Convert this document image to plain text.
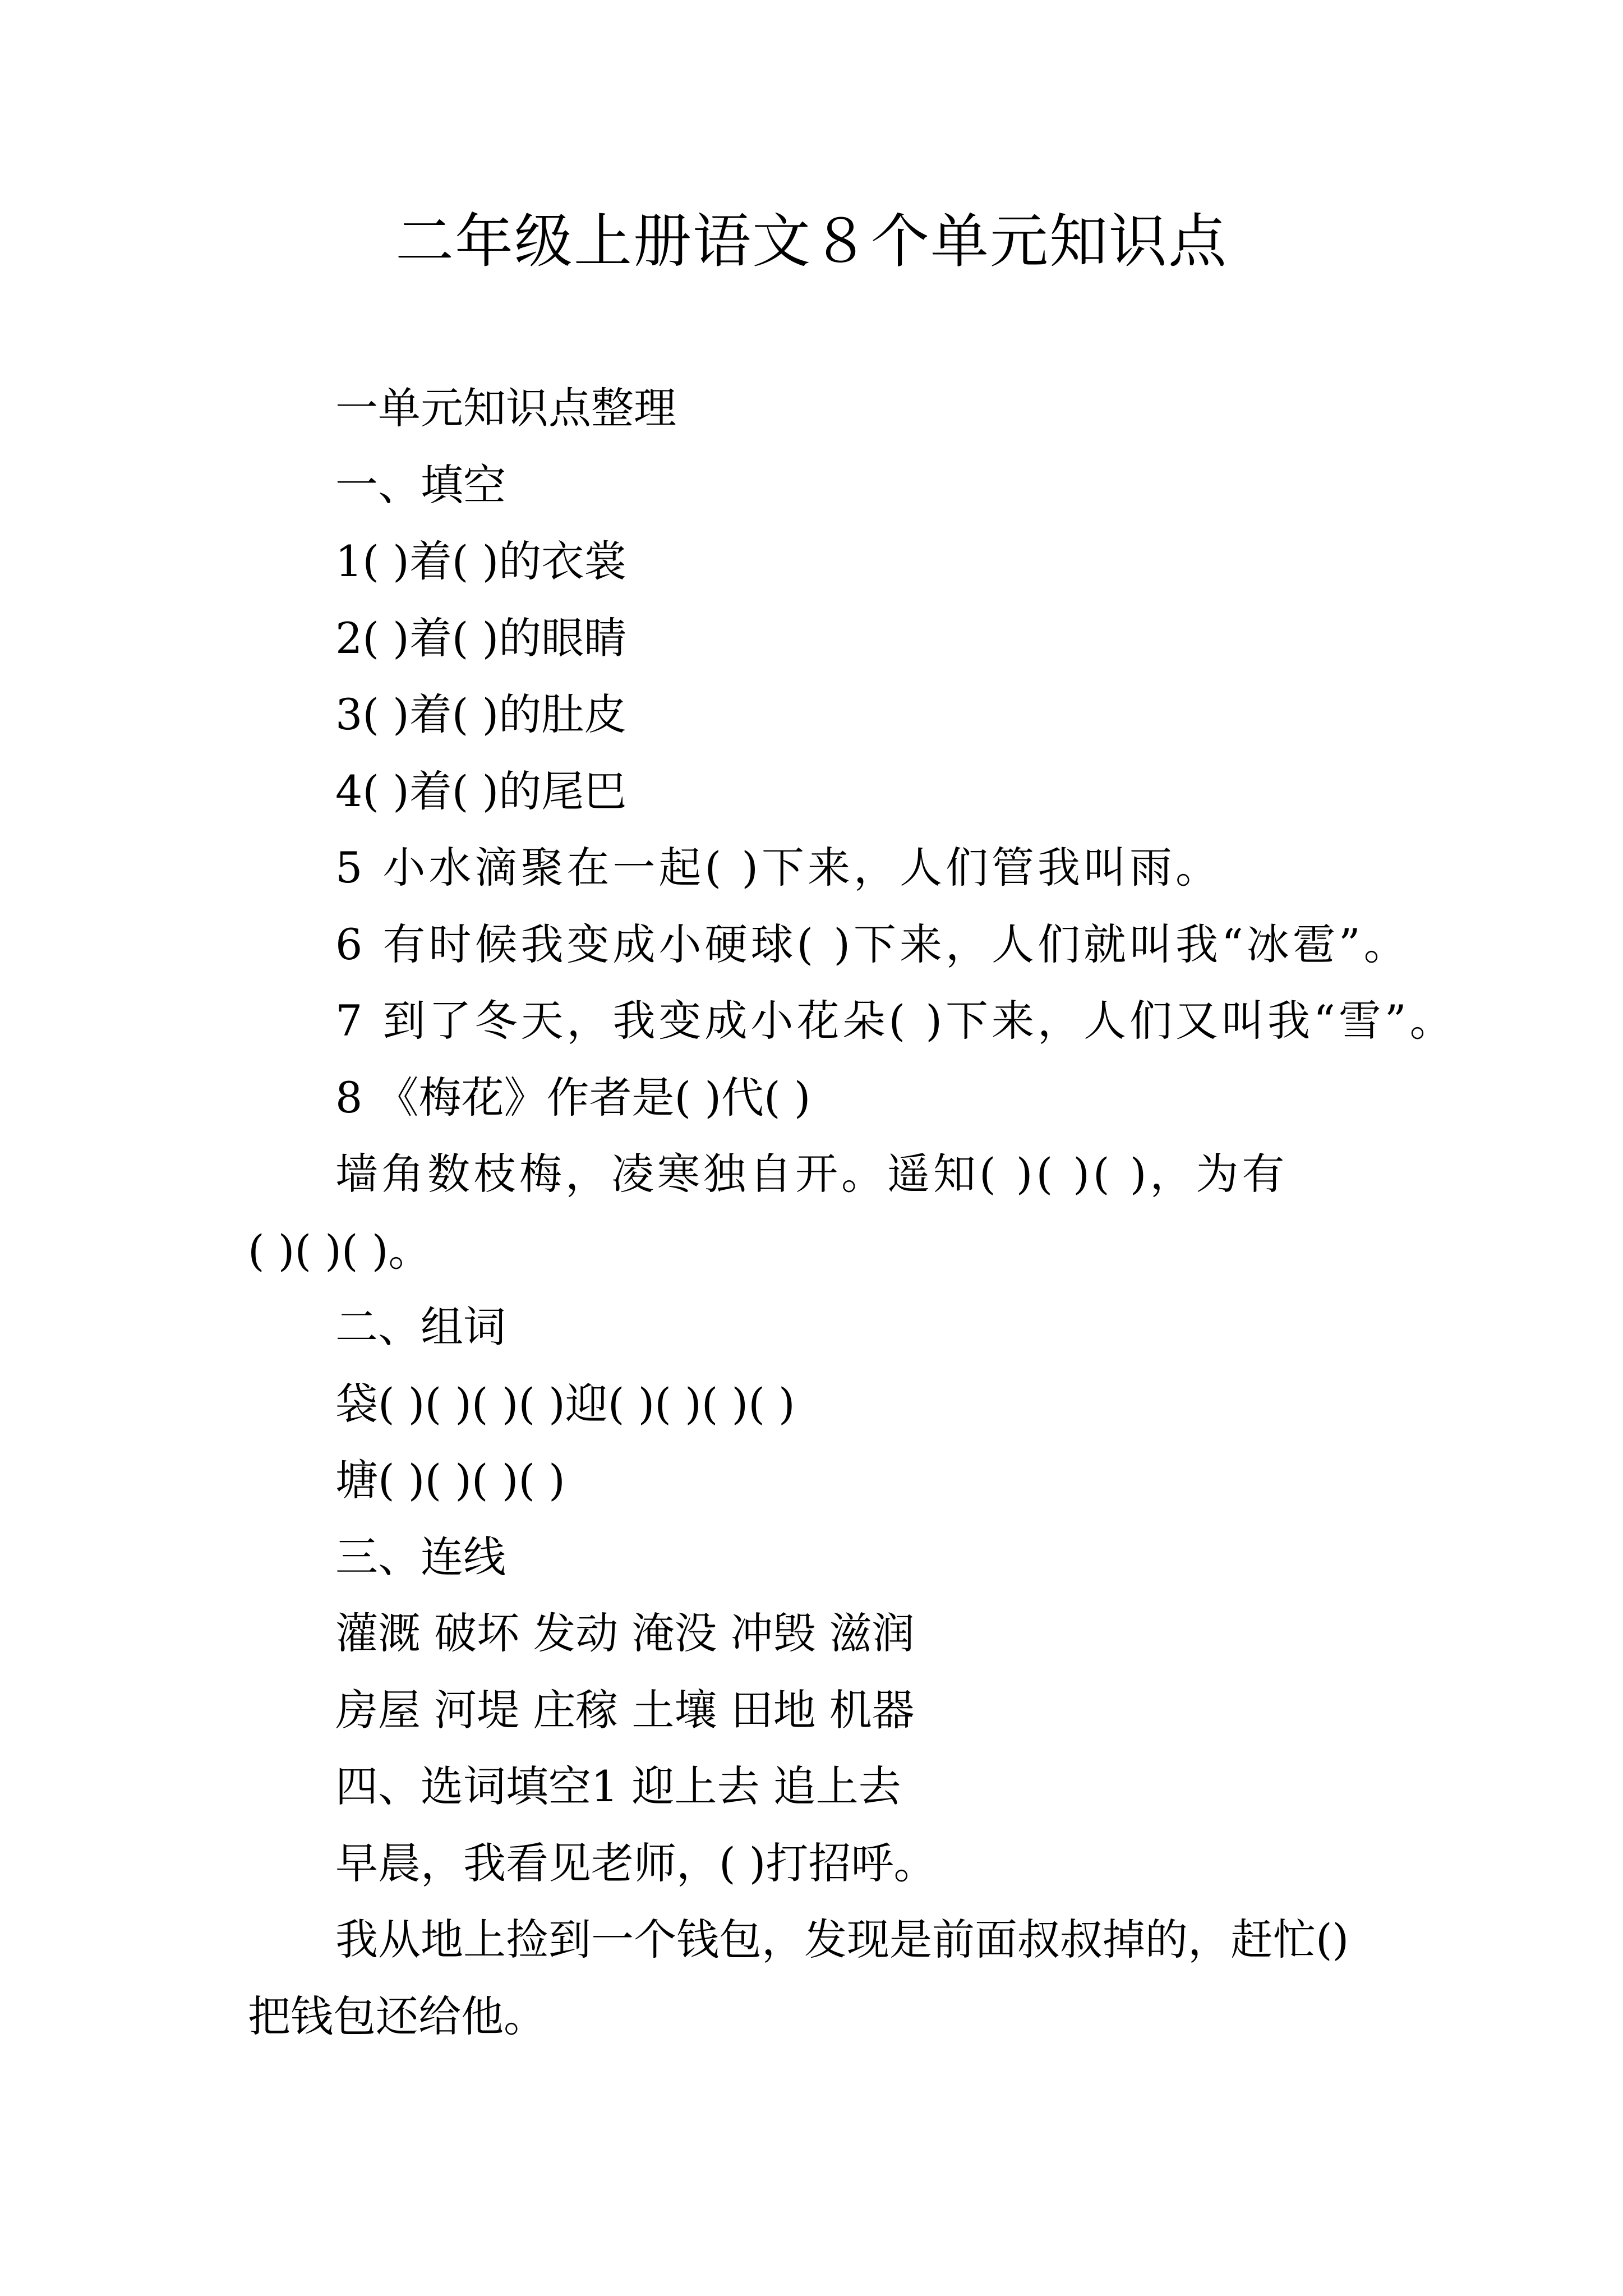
二年级上册语文８个单元知识点
一单元知识点整理
一、填空
1( )着( )的衣裳
2( )着( )的眼睛
3( )着( )的肚皮
4( )着( )的尾巴
5 小水滴聚在一起( )下来，人们管我叫雨。
6 有时候我变成小硬球( )下来，人们就叫我“冰雹”。
7 到了冬天，我变成小花朵( )下来，人们又叫我“雪”。
8 《梅花》作者是( )代( )
墙角数枝梅，凌寒独自开。遥知( )( )( )，为有
( )( )( )。
二、组词
袋( )( )( )( )迎( )( )( )( )
塘( )( )( )( )
三、连线
灌溉 破坏 发动 淹没 冲毁 滋润
房屋 河堤 庄稼 土壤 田地 机器
四、选词填空1 迎上去 追上去
早晨，我看见老师，( )打招呼。
我从地上捡到一个钱包，发现是前面叔叔掉的，赶忙()
把钱包还给他。
